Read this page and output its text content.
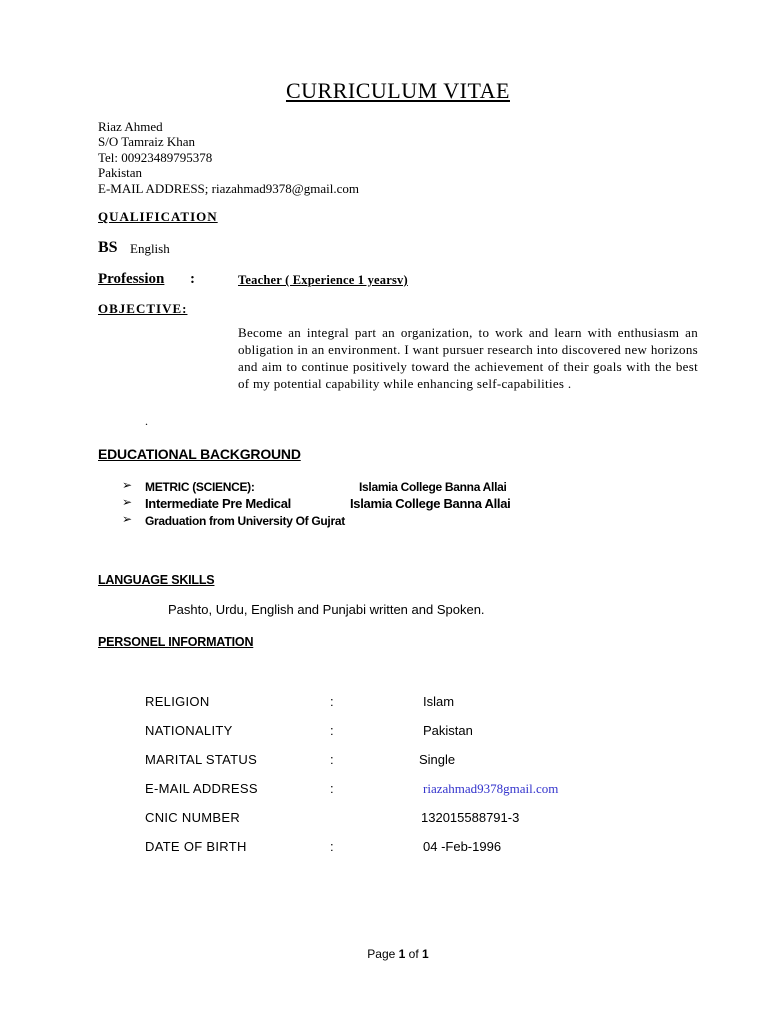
CURRICULUM VITAE
Riaz Ahmed
S/O Tamraiz Khan
Tel: 00923489795378
Pakistan
E-MAIL ADDRESS; riazahmad9378@gmail.com
QUALIFICATION
BS English
Profession :	Teacher ( Experience 1 yearsv)
OBJECTIVE:
Become an integral part an organization, to work and learn with enthusiasm an obligation in an environment. I want pursuer research into discovered new horizons and aim to continue positively toward the achievement of their goals with the best of my potential capability while enhancing self-capabilities .
.
EDUCATIONAL BACKGROUND
➢ METRIC (SCIENCE):	Islamia College Banna Allai
➢ Intermediate Pre Medical	Islamia College Banna Allai
➢ Graduation from University Of Gujrat
LANGUAGE SKILLS
Pashto, Urdu, English and Punjabi written and Spoken.
PERSONEL INFORMATION
RELIGION	:	Islam
NATIONALITY	:	Pakistan
MARITAL STATUS	:	Single
E-MAIL ADDRESS	:	riazahmad9378gmail.com
CNIC NUMBER	132015588791-3
DATE OF BIRTH	:	04 -Feb-1996
Page 1 of 1
